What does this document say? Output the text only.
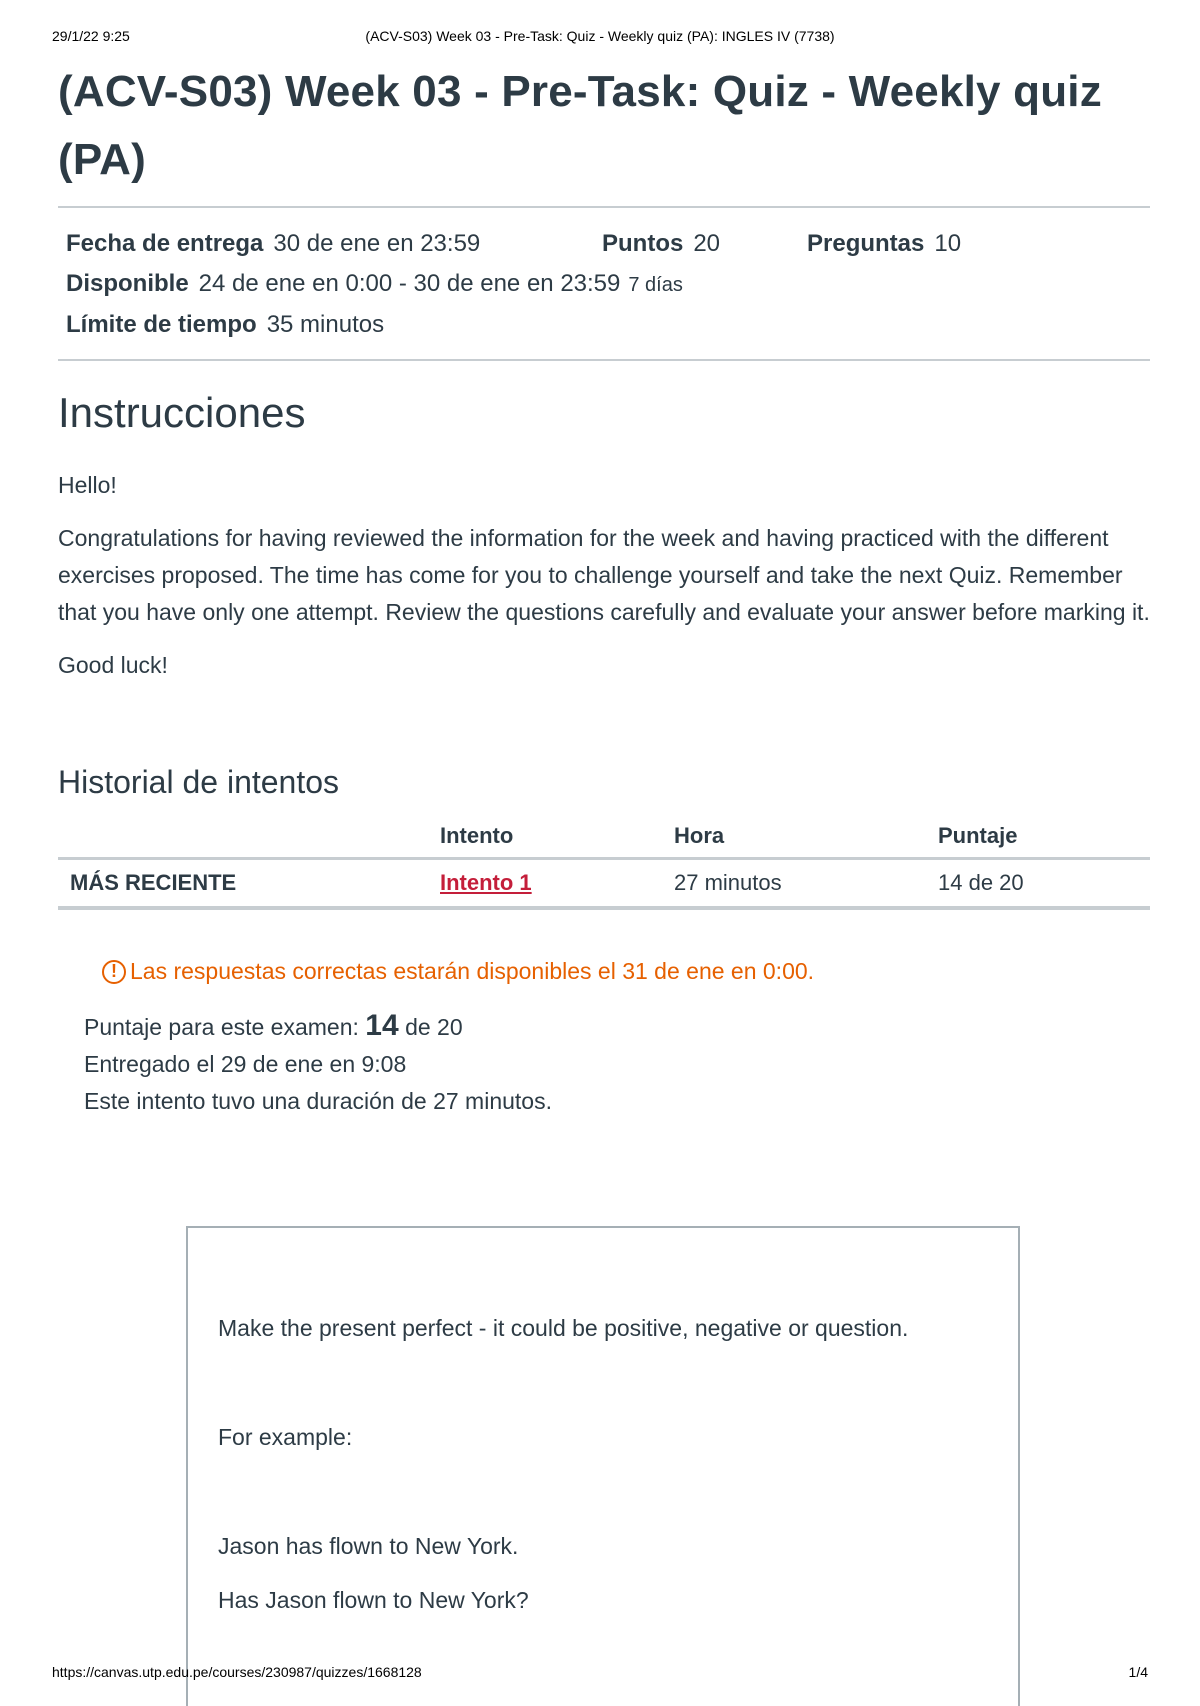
29/1/22 9:25	(ACV-S03) Week 03 - Pre-Task: Quiz - Weekly quiz (PA): INGLES IV (7738)
(ACV-S03) Week 03 - Pre-Task: Quiz - Weekly quiz (PA)
Fecha de entrega 30 de ene en 23:59	Puntos 20	Preguntas 10
Disponible 24 de ene en 0:00 - 30 de ene en 23:59 7 días
Límite de tiempo 35 minutos
Instrucciones

Hello!

Congratulations for having reviewed the information for the week and having practiced with the different exercises proposed. The time has come for you to challenge yourself and take the next Quiz. Remember that you have only one attempt. Review the questions carefully and evaluate your answer before marking it.

Good luck!

Historial de intentos
	Intento	Hora	Puntaje
MÁS RECIENTE	Intento 1	27 minutos	14 de 20
! Las respuestas correctas estarán disponibles el 31 de ene en 0:00.
Puntaje para este examen: 14 de 20
Entregado el 29 de ene en 9:08
Este intento tuvo una duración de 27 minutos.

Make the present perfect - it could be positive, negative or question.

For example:

Jason has flown to New York.

Has Jason flown to New York?

https://canvas.utp.edu.pe/courses/230987/quizzes/1668128	1/4
